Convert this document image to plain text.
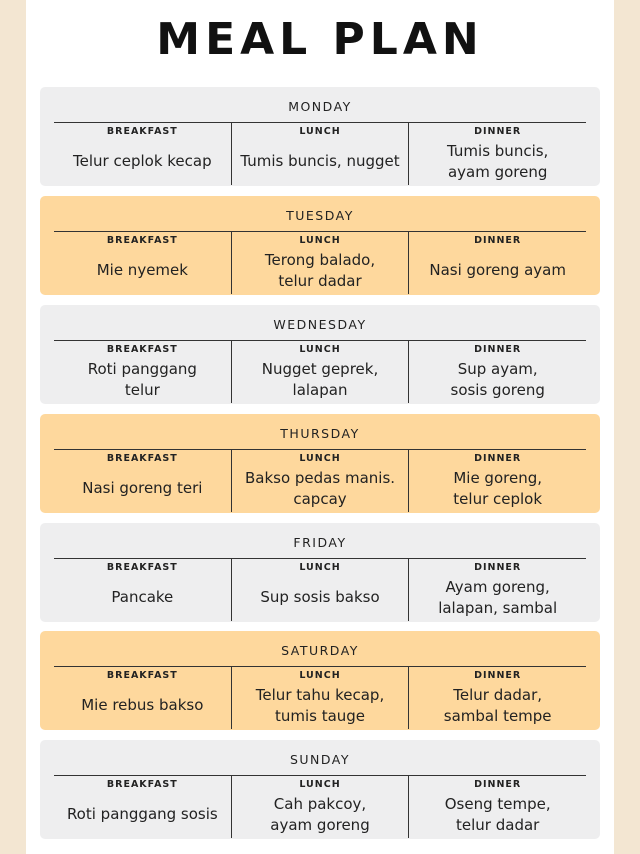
MEAL PLAN
MONDAY
BREAKFAST
Telur ceplok kecap
LUNCH
Tumis buncis, nugget
DINNER
Tumis buncis,
ayam goreng
TUESDAY
BREAKFAST
Mie nyemek
LUNCH
Terong balado,
telur dadar
DINNER
Nasi goreng ayam
WEDNESDAY
BREAKFAST
Roti panggang
telur
LUNCH
Nugget geprek,
lalapan
DINNER
Sup ayam,
sosis goreng
THURSDAY
BREAKFAST
Nasi goreng teri
LUNCH
Bakso pedas manis.
capcay
DINNER
Mie goreng,
telur ceplok
FRIDAY
BREAKFAST
Pancake
LUNCH
Sup sosis bakso
DINNER
Ayam goreng,
lalapan, sambal
SATURDAY
BREAKFAST
Mie rebus bakso
LUNCH
Telur tahu kecap,
tumis tauge
DINNER
Telur dadar,
sambal tempe
SUNDAY
BREAKFAST
Roti panggang sosis
LUNCH
Cah pakcoy,
ayam goreng
DINNER
Oseng tempe,
telur dadar
